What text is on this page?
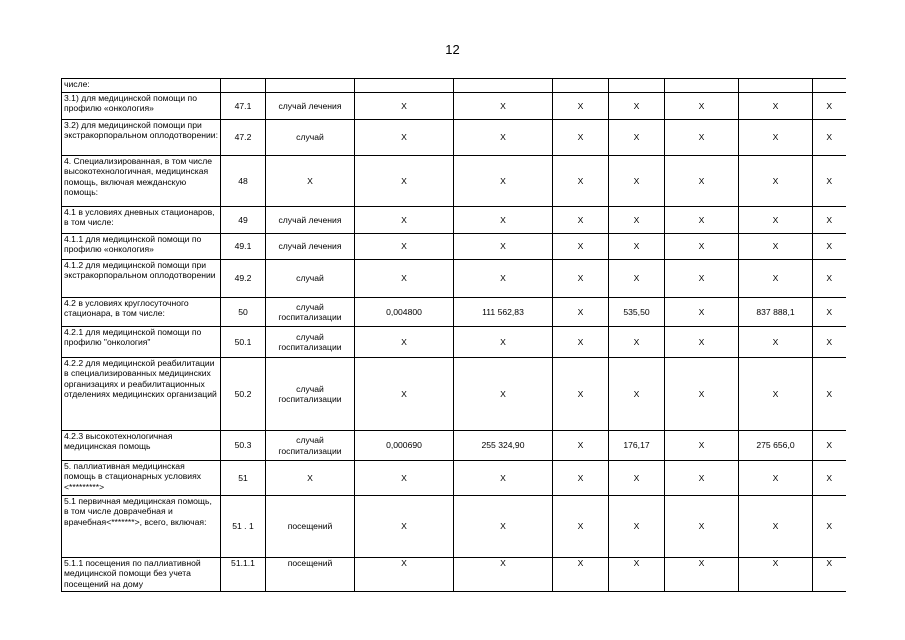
12
числе:									
3.1) для медицинской помощи по профилю «онкология»	47.1	случай лечения	X	X	X	X	X	X	X
3.2) для медицинской помощи при экстракорпоральном оплодотворении:	47.2	случай	X	X	X	X	X	X	X
4. Специализированная, в том числе высокотехнологичная, медицинская помощь, включая межданскую помощь:	48	X	X	X	X	X	X	X	X
4.1 в условиях дневных стационаров, в том числе:	49	случай лечения	X	X	X	X	X	X	X
4.1.1 для медицинской помощи по профилю «онкология»	49.1	случай лечения	X	X	X	X	X	X	X
4.1.2 для медицинской помощи при экстракорпоральном оплодотворении	49.2	случай	X	X	X	X	X	X	X
4.2 в условиях круглосуточного стационара, в том числе:	50	случай госпитализации	0,004800	111 562,83	X	535,50	X	837 888,1	X
4.2.1 для медицинской помощи по профилю "онкология"	50.1	случай госпитализации	X	X	X	X	X	X	X
4.2.2 для медицинской реабилитации в специализированных медицинских организациях и реабилитационных отделениях медицинских организаций	50.2	случай госпитализации	X	X	X	X	X	X	X
4.2.3 высокотехнологичная медицинская помощь	50.3	случай госпитализации	0,000690	255 324,90	X	176,17	X	275 656,0	X
5. паллиативная медицинская помощь в стационарных условиях <*********>	51	X	X	X	X	X	X	X	X
5.1 первичная медицинская помощь, в том числе доврачебная и врачебная<*******>, всего, включая:	51 . 1	посещений	X	X	X	X	X	X	X
5.1.1 посещения по паллиативной медицинской помощи без учета посещений на дому	51.1.1	посещений	X	X	X	X	X	X	X
